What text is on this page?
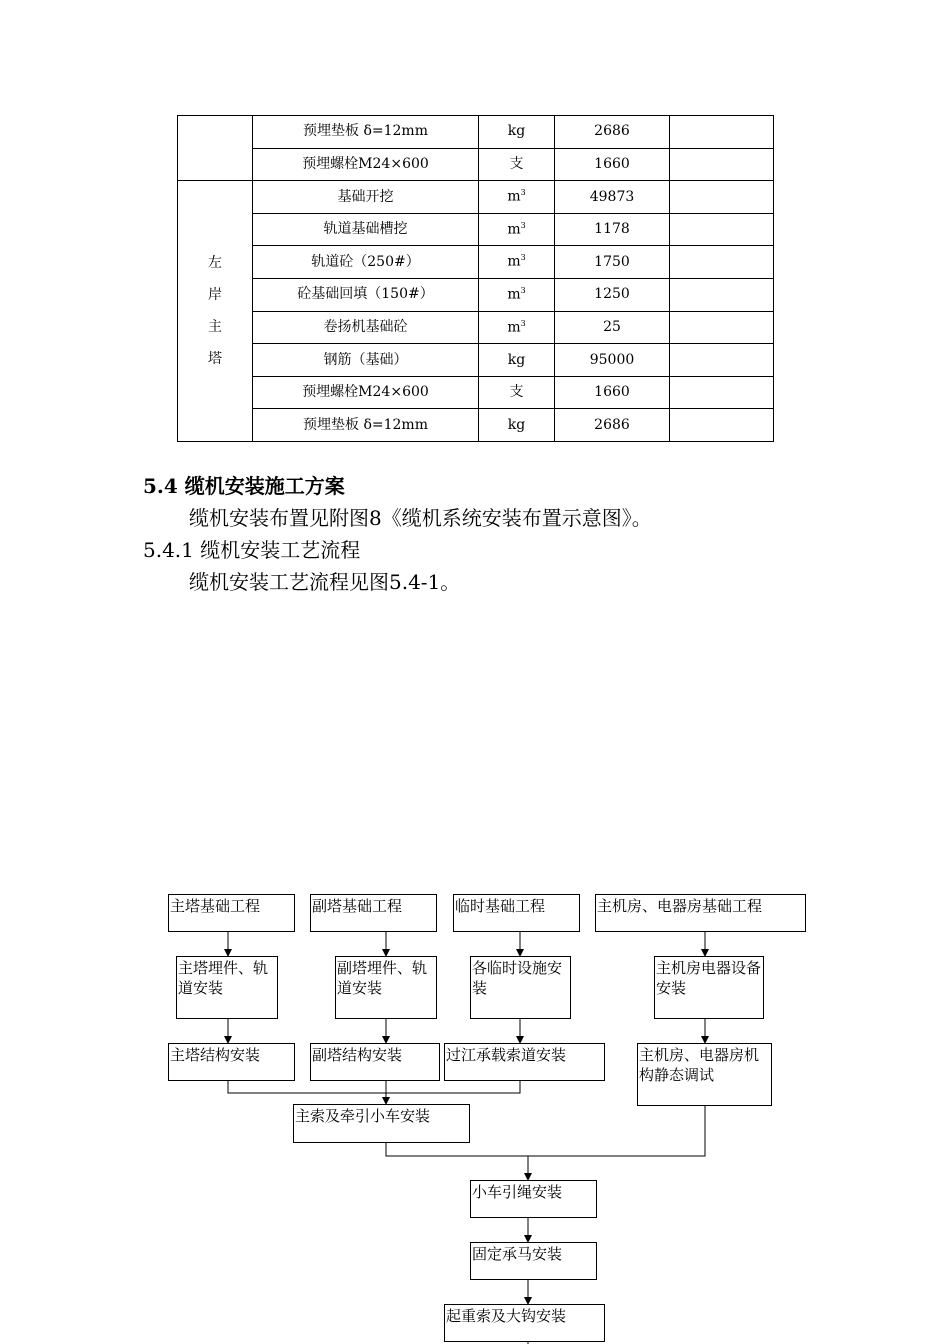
	预埋垫板 δ=12mm	kg	2686	
	预埋螺栓M24×600	支	1660	

左
岸
主
塔	基础开挖	$m^3$	49873	
	轨道基础槽挖	$m^3$	1178	
	轨道砼（250#）	$m^3$	1750	
	砼基础回填（150#）	$m^3$	1250	
	卷扬机基础砼	$m^3$	25	
	钢筋（基础）	kg	95000	
	预埋螺栓M24×600	支	1660	
	预埋垫板 δ=12mm	kg	2686	
5.4 缆机安装施工方案
缆机安装布置见附图8《缆机系统安装布置示意图》。
5.4.1 缆机安装工艺流程
缆机安装工艺流程见图5.4-1。
主塔基础工程	副塔基础工程	临时基础工程	主机房、电器房基础工程
主塔埋件、轨道安装
副塔埋件、轨道安装
各临时设施安装
主机房电器设备安装
主塔结构安装	副塔结构安装	过江承载索道安装	主机房、电器房机构静态调试
主索及牵引小车安装
小车引绳安装
固定承马安装
起重索及大钩安装
